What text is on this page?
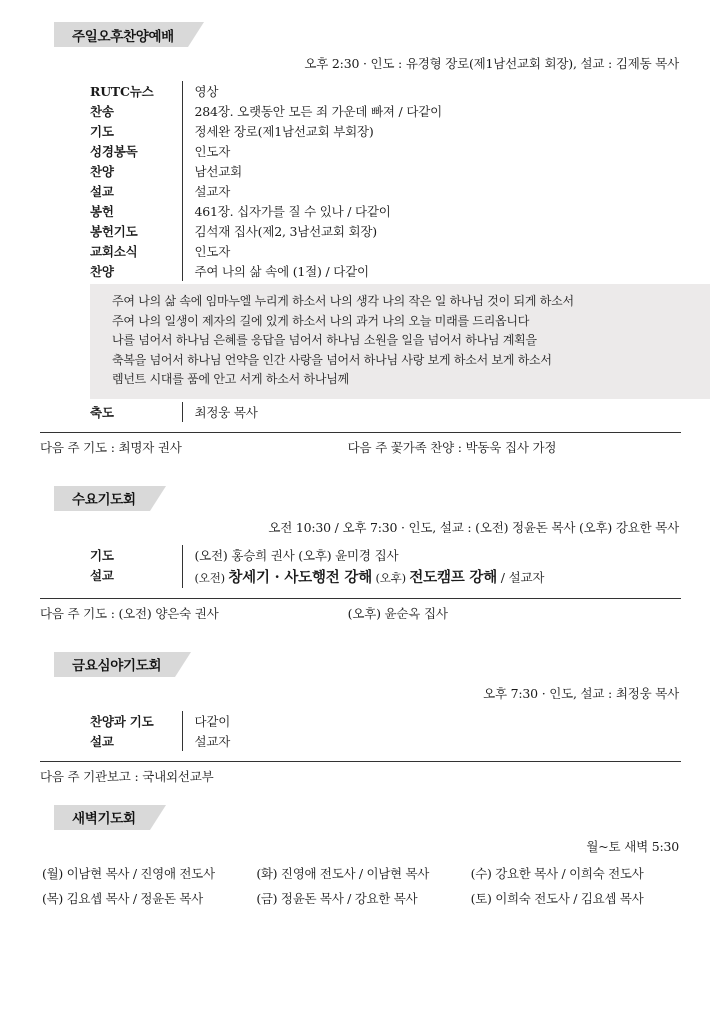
주일오후찬양예배
오후 2:30 · 인도 : 유경형 장로(제1남선교회 회장), 설교 : 김제동 목사
RUTC뉴스	영상
찬송	284장. 오랫동안 모든 죄 가운데 빠져 / 다같이
기도	정세완 장로(제1남선교회 부회장)
성경봉독	인도자
찬양	남선교회
설교	설교자
봉헌	461장. 십자가를 질 수 있나 / 다같이
봉헌기도	김석재 집사(제2, 3남선교회 회장)
교회소식	인도자
찬양	주여 나의 삶 속에 (1절) / 다같이
주여 나의 삶 속에 임마누엘 누리게 하소서 나의 생각 나의 작은 일 하나님 것이 되게 하소서
주여 나의 일생이 제자의 길에 있게 하소서 나의 과거 나의 오늘 미래를 드리옵니다
나를 넘어서 하나님 은혜를 응답을 넘어서 하나님 소원을 일을 넘어서 하나님 계획을
축복을 넘어서 하나님 언약을 인간 사랑을 넘어서 하나님 사랑 보게 하소서 보게 하소서
렘넌트 시대를 품에 안고 서게 하소서 하나님께
축도	최정웅 목사
다음 주 기도 : 최명자 권사	다음 주 꽃가족 찬양 : 박동욱 집사 가정
수요기도회
오전 10:30 / 오후 7:30 · 인도, 설교 : (오전) 정윤돈 목사 (오후) 강요한 목사
기도	(오전) 홍승희 권사 (오후) 윤미경 집사
설교	(오전) 창세기 · 사도행전 강해 (오후) 전도캠프 강해 / 설교자
다음 주 기도 : (오전) 양은숙 권사	(오후) 윤순옥 집사
금요심야기도회
오후 7:30 · 인도, 설교 : 최정웅 목사
찬양과 기도	다같이
설교	설교자
다음 주 기관보고 : 국내외선교부
새벽기도회
월~토 새벽 5:30
(월) 이남현 목사 / 진영애 전도사	(화) 진영애 전도사 / 이남현 목사	(수) 강요한 목사 / 이희숙 전도사
(목) 김요셉 목사 / 정윤돈 목사	(금) 정윤돈 목사 / 강요한 목사	(토) 이희숙 전도사 / 김요셉 목사
